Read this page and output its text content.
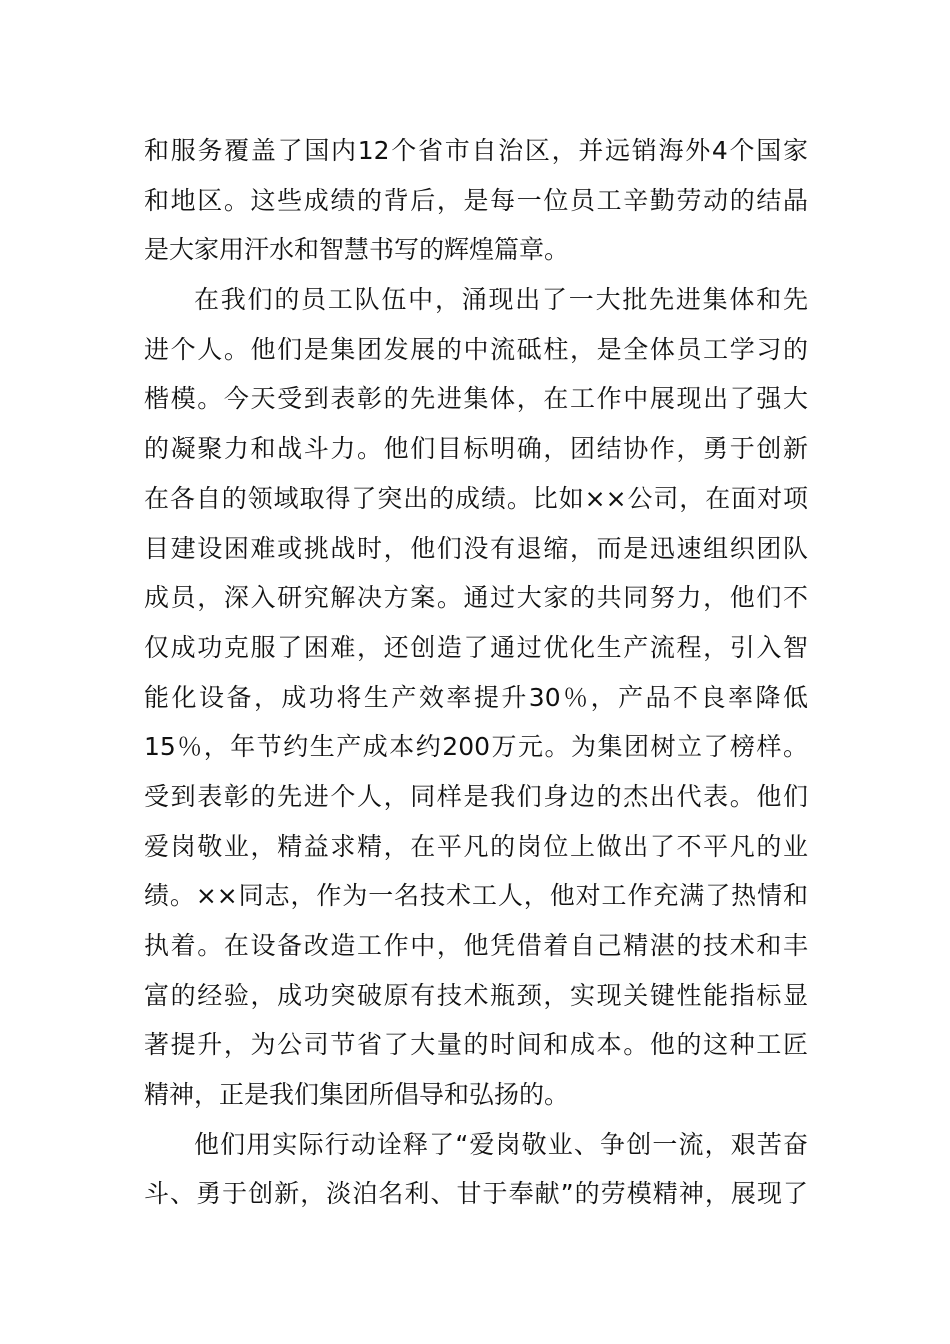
和服务覆盖了国内12个省市自治区，并远销海外4个国家
和地区。这些成绩的背后，是每一位员工辛勤劳动的结晶
是大家用汗水和智慧书写的辉煌篇章。
在我们的员工队伍中，涌现出了一大批先进集体和先
进个人。他们是集团发展的中流砥柱，是全体员工学习的
楷模。今天受到表彰的先进集体，在工作中展现出了强大
的凝聚力和战斗力。他们目标明确，团结协作，勇于创新
在各自的领域取得了突出的成绩。比如××公司，在面对项
目建设困难或挑战时，他们没有退缩，而是迅速组织团队
成员，深入研究解决方案。通过大家的共同努力，他们不
仅成功克服了困难，还创造了通过优化生产流程，引入智
能化设备，成功将生产效率提升30％，产品不良率降低
15％，年节约生产成本约200万元。为集团树立了榜样。
受到表彰的先进个人，同样是我们身边的杰出代表。他们
爱岗敬业，精益求精，在平凡的岗位上做出了不平凡的业
绩。××同志，作为一名技术工人，他对工作充满了热情和
执着。在设备改造工作中，他凭借着自己精湛的技术和丰
富的经验，成功突破原有技术瓶颈，实现关键性能指标显
著提升，为公司节省了大量的时间和成本。他的这种工匠
精神，正是我们集团所倡导和弘扬的。
他们用实际行动诠释了“爱岗敬业、争创一流，艰苦奋
斗、勇于创新，淡泊名利、甘于奉献”的劳模精神，展现了
